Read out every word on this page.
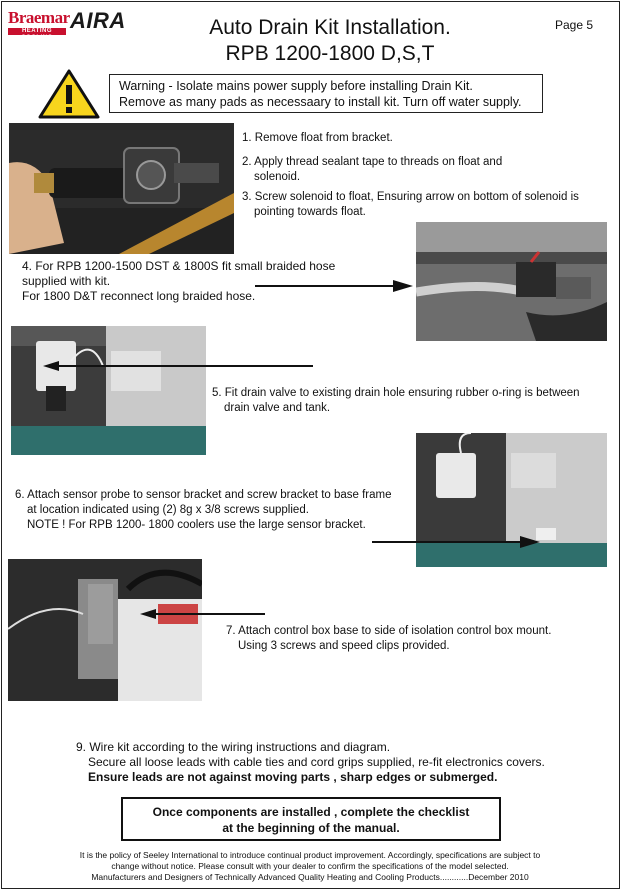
Braemar
HEATING COOLING
AIRA	Auto Drain Kit Installation.
RPB 1200-1800 D,S,T
Page 5
Warning - Isolate mains power supply before installing Drain Kit.
Remove as many pads as necessaary to install kit. Turn off water supply.
1. Remove float from bracket.
2. Apply thread sealant tape to threads on float and
solenoid.
3. Screw solenoid to float, Ensuring arrow on bottom of solenoid is
pointing towards float.
4. For RPB 1200-1500 DST & 1800S fit small braided hose
supplied with kit.
For 1800 D&T reconnect long braided hose.
5. Fit drain valve to existing drain hole ensuring rubber o-ring is between
drain valve and tank.
6. Attach sensor probe to sensor bracket and screw bracket to base frame
at location indicated using (2) 8g x 3/8 screws supplied.
NOTE ! For RPB 1200- 1800 coolers use the large sensor bracket.
7. Attach control box base to side of isolation control box mount.
Using 3 screws and speed clips provided.
9. Wire kit according to the wiring instructions and diagram.
Secure all loose leads with cable ties and cord grips supplied, re-fit electronics covers.
Ensure leads are not against moving parts , sharp edges or submerged.
Once components are installed , complete the checklist
at the beginning of the manual.
It is the policy of Seeley International to introduce continual product improvement. Accordingly, specifications are subject to
change without notice. Please consult with your dealer to confirm the specifications of the model selected.
Manufacturers and Designers of Technically Advanced Quality Heating and Cooling Products............December 2010
